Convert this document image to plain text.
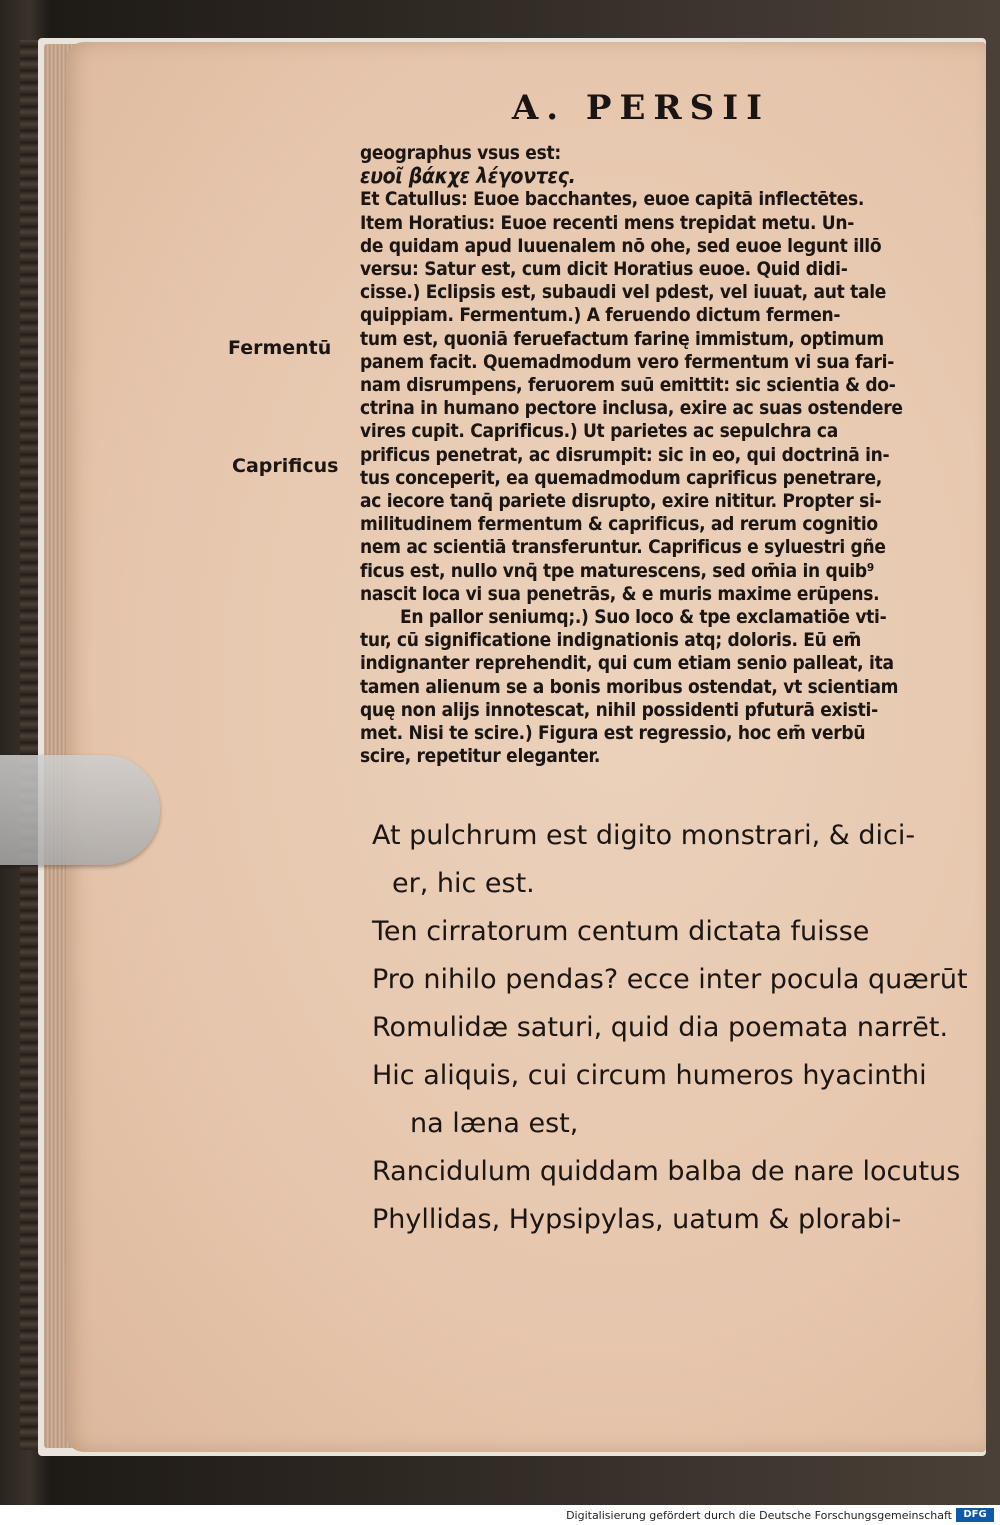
A. PERSII
Fermentū
Caprificus
geographus vsus est:
ευοῖ βάκχε λέγοντες.
Et Catullus: Euoe bacchantes, euoe capitā inflectētes.
Item Horatius: Euoe recenti mens trepidat metu. Un-
de quidam apud Iuuenalem nō ohe, sed euoe legunt illō
versu: Satur est, cum dicit Horatius euoe. Quid didi-
cisse.) Eclipsis est, subaudi vel pdest, vel iuuat, aut tale
quippiam. Fermentum.) A feruendo dictum fermen-
tum est, quoniā feruefactum farinę immistum, optimum
panem facit. Quemadmodum vero fermentum vi sua fari-
nam disrumpens, feruorem suū emittit: sic scientia & do-
ctrina in humano pectore inclusa, exire ac suas ostendere
vires cupit. Caprificus.) Ut parietes ac sepulchra ca
prificus penetrat, ac disrumpit: sic in eo, qui doctrinā in-
tus conceperit, ea quemadmodum caprificus penetrare,
ac iecore tanq̄ pariete disrupto, exire nititur. Propter si-
militudinem fermentum & caprificus, ad rerum cognitio
nem ac scientiā transferuntur. Caprificus e syluestri gñe
ficus est, nullo vnq̄ tpe maturescens, sed om̄ia in quib⁹
nascit loca vi sua penetrās, & e muris maxime erūpens.
En pallor seniumq;.) Suo loco & tpe exclamatiōe vti-
tur, cū significatione indignationis atq; doloris. Eū em̄
indignanter reprehendit, qui cum etiam senio palleat, ita
tamen alienum se a bonis moribus ostendat, vt scientiam
quę non alijs innotescat, nihil possidenti pfuturā existi-
met. Nisi te scire.) Figura est regressio, hoc em̄ verbū
scire, repetitur eleganter.
At pulchrum est digito monstrari, & dici-
er, hic est.
Ten cirratorum centum dictata fuisse
Pro nihilo pendas? ecce inter pocula quærūt
Romulidæ saturi, quid dia poemata narrēt.
Hic aliquis, cui circum humeros hyacinthi
na læna est,
Rancidulum quiddam balba de nare locutus
Phyllidas, Hypsipylas, uatum & plorabi-
Digitalisierung gefördert durch die Deutsche Forschungsgemeinschaft	DFG
